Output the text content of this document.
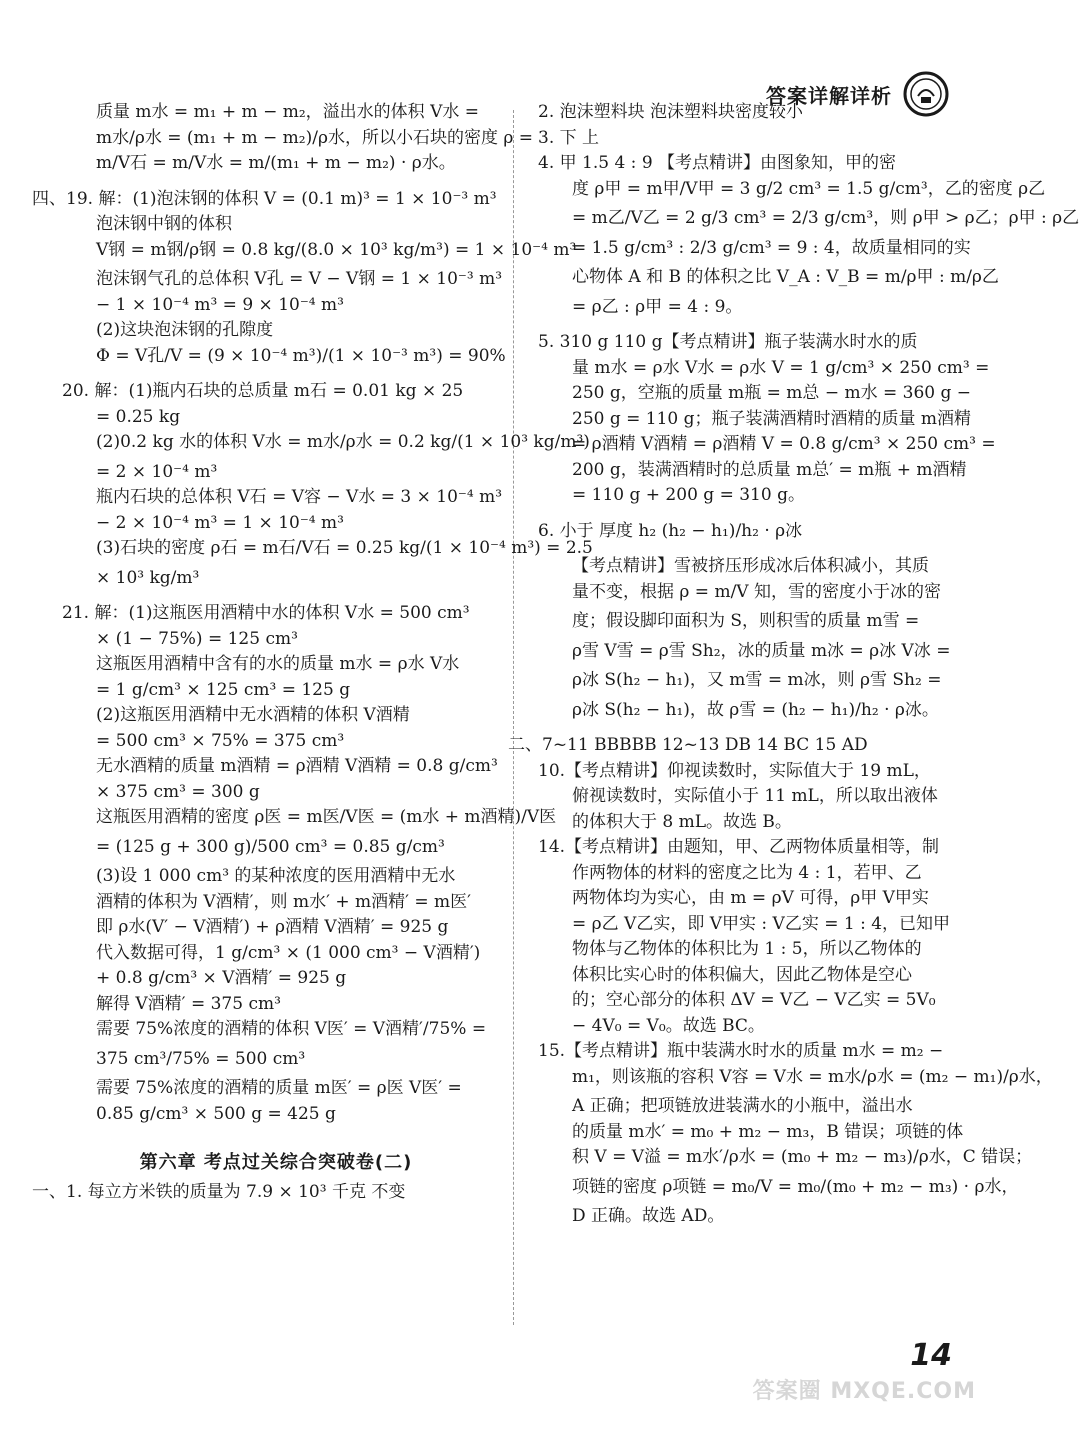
答案详解详析
质量 m水 = m₁ + m − m₂，溢出水的体积 V水 =
m水/ρ水 = (m₁ + m − m₂)/ρ水，所以小石块的密度 ρ =
m/V石 = m/V水 = m/(m₁ + m − m₂) · ρ水。
四、19. 解：(1)泡沫钢的体积 V = (0.1 m)³ = 1 × 10⁻³ m³
泡沫钢中钢的体积
V钢 = m钢/ρ钢 = 0.8 kg/(8.0 × 10³ kg/m³) = 1 × 10⁻⁴ m³
泡沫钢气孔的总体积 V孔 = V − V钢 = 1 × 10⁻³ m³
− 1 × 10⁻⁴ m³ = 9 × 10⁻⁴ m³
(2)这块泡沫钢的孔隙度
Φ = V孔/V = (9 × 10⁻⁴ m³)/(1 × 10⁻³ m³) = 90%
20. 解：(1)瓶内石块的总质量 m石 = 0.01 kg × 25
= 0.25 kg
(2)0.2 kg 水的体积 V水 = m水/ρ水 = 0.2 kg/(1 × 10³ kg/m³)
= 2 × 10⁻⁴ m³
瓶内石块的总体积 V石 = V容 − V水 = 3 × 10⁻⁴ m³
− 2 × 10⁻⁴ m³ = 1 × 10⁻⁴ m³
(3)石块的密度 ρ石 = m石/V石 = 0.25 kg/(1 × 10⁻⁴ m³) = 2.5
× 10³ kg/m³
21. 解：(1)这瓶医用酒精中水的体积 V水 = 500 cm³
× (1 − 75%) = 125 cm³
这瓶医用酒精中含有的水的质量 m水 = ρ水 V水
= 1 g/cm³ × 125 cm³ = 125 g
(2)这瓶医用酒精中无水酒精的体积 V酒精
= 500 cm³ × 75% = 375 cm³
无水酒精的质量 m酒精 = ρ酒精 V酒精 = 0.8 g/cm³
× 375 cm³ = 300 g
这瓶医用酒精的密度 ρ医 = m医/V医 = (m水 + m酒精)/V医
= (125 g + 300 g)/500 cm³ = 0.85 g/cm³
(3)设 1 000 cm³ 的某种浓度的医用酒精中无水
酒精的体积为 V酒精′，则 m水′ + m酒精′ = m医′
即 ρ水(V′ − V酒精′) + ρ酒精 V酒精′ = 925 g
代入数据可得，1 g/cm³ × (1 000 cm³ − V酒精′)
+ 0.8 g/cm³ × V酒精′ = 925 g
解得 V酒精′ = 375 cm³
需要 75%浓度的酒精的体积 V医′ = V酒精′/75% =
375 cm³/75% = 500 cm³
需要 75%浓度的酒精的质量 m医′ = ρ医 V医′ =
0.85 g/cm³ × 500 g = 425 g
第六章 考点过关综合突破卷(二)
一、1. 每立方米铁的质量为 7.9 × 10³ 千克 不变
2. 泡沫塑料块 泡沫塑料块密度较小
3. 下 上
4. 甲 1.5 4 : 9 【考点精讲】由图象知，甲的密
度 ρ甲 = m甲/V甲 = 3 g/2 cm³ = 1.5 g/cm³，乙的密度 ρ乙
= m乙/V乙 = 2 g/3 cm³ = 2/3 g/cm³，则 ρ甲 > ρ乙；ρ甲 : ρ乙
= 1.5 g/cm³ : 2/3 g/cm³ = 9 : 4，故质量相同的实
心物体 A 和 B 的体积之比 V_A : V_B = m/ρ甲 : m/ρ乙
= ρ乙 : ρ甲 = 4 : 9。
5. 310 g 110 g【考点精讲】瓶子装满水时水的质
量 m水 = ρ水 V水 = ρ水 V = 1 g/cm³ × 250 cm³ =
250 g，空瓶的质量 m瓶 = m总 − m水 = 360 g −
250 g = 110 g；瓶子装满酒精时酒精的质量 m酒精
= ρ酒精 V酒精 = ρ酒精 V = 0.8 g/cm³ × 250 cm³ =
200 g，装满酒精时的总质量 m总′ = m瓶 + m酒精
= 110 g + 200 g = 310 g。
6. 小于 厚度 h₂ (h₂ − h₁)/h₂ · ρ冰
【考点精讲】雪被挤压形成冰后体积减小，其质
量不变，根据 ρ = m/V 知，雪的密度小于冰的密
度；假设脚印面积为 S，则积雪的质量 m雪 =
ρ雪 V雪 = ρ雪 Sh₂，冰的质量 m冰 = ρ冰 V冰 =
ρ冰 S(h₂ − h₁)，又 m雪 = m冰，则 ρ雪 Sh₂ =
ρ冰 S(h₂ − h₁)，故 ρ雪 = (h₂ − h₁)/h₂ · ρ冰。
二、7~11 BBBBB 12~13 DB 14 BC 15 AD
10.【考点精讲】仰视读数时，实际值大于 19 mL，
俯视读数时，实际值小于 11 mL，所以取出液体
的体积大于 8 mL。故选 B。
14.【考点精讲】由题知，甲、乙两物体质量相等，制
作两物体的材料的密度之比为 4 : 1，若甲、乙
两物体均为实心，由 m = ρV 可得，ρ甲 V甲实
= ρ乙 V乙实，即 V甲实 : V乙实 = 1 : 4，已知甲
物体与乙物体的体积比为 1 : 5，所以乙物体的
体积比实心时的体积偏大，因此乙物体是空心
的；空心部分的体积 ΔV = V乙 − V乙实 = 5V₀
− 4V₀ = V₀。故选 BC。
15.【考点精讲】瓶中装满水时水的质量 m水 = m₂ −
m₁，则该瓶的容积 V容 = V水 = m水/ρ水 = (m₂ − m₁)/ρ水，
A 正确；把项链放进装满水的小瓶中，溢出水
的质量 m水′ = m₀ + m₂ − m₃，B 错误；项链的体
积 V = V溢 = m水′/ρ水 = (m₀ + m₂ − m₃)/ρ水，C 错误；
项链的密度 ρ项链 = m₀/V = m₀/(m₀ + m₂ − m₃) · ρ水，
D 正确。故选 AD。
14
答案圈 MXQE.COM
